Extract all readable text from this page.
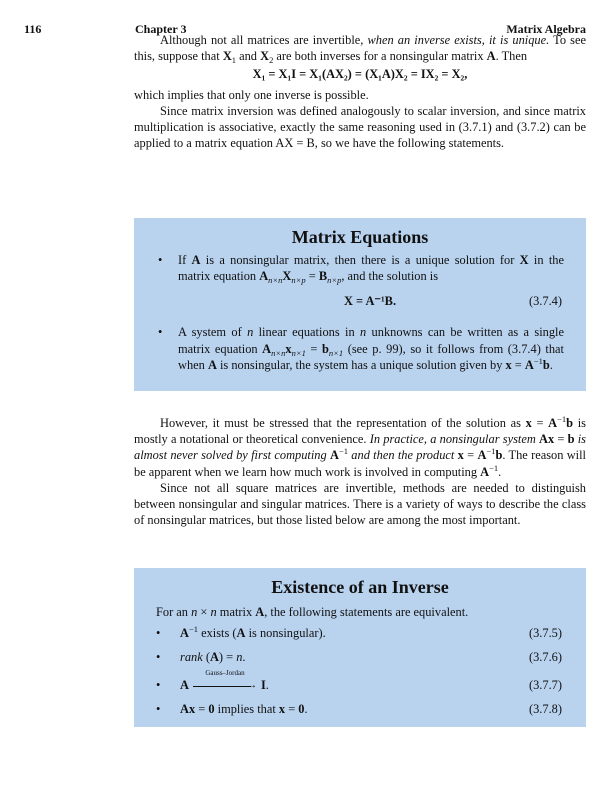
116	Chapter 3	Matrix Algebra

Although not all matrices are invertible, when an inverse exists, it is unique. To see this, suppose that $X_1$ and $X_2$ are both inverses for a nonsingular matrix A. Then

X₁ = X₁I = X₁(AX₂) = (X₁A)X₂ = IX₂ = X₂,

which implies that only one inverse is possible.

Since matrix inversion was defined analogously to scalar inversion, and since matrix multiplication is associative, exactly the same reasoning used in (3.7.1) and (3.7.2) can be applied to a matrix equation AX = B, so we have the following statements.

Matrix Equations

• If A is a nonsingular matrix, then there is a unique solution for X in the matrix equation $A_{n\times n}X_{n\times p} = B_{n\times p}$, and the solution is

X = A⁻¹B.	(3.7.4)
• A system of n linear equations in n unknowns can be written as a single matrix equation $A_{n\times n}x_{n\times 1} = b_{n\times 1}$ (see p. 99), so it follows from (3.7.4) that when A is nonsingular, the system has a unique solution given by $x = A^{-1}b$.

However, it must be stressed that the representation of the solution as $x = A^{-1}b$ is mostly a notational or theoretical convenience. In practice, a nonsingular system Ax = b is almost never solved by first computing $A^{-1}$ and then the product $x = A^{-1}b$. The reason will be apparent when we learn how much work is involved in computing $A^{-1}$.

Since not all square matrices are invertible, methods are needed to distinguish between nonsingular and singular matrices. There is a variety of ways to describe the class of nonsingular matrices, but those listed below are among the most important.

Existence of an Inverse

For an n × n matrix A, the following statements are equivalent.

• $A^{-1}$ exists (A is nonsingular).	(3.7.5)
• rank (A) = n.	(3.7.6)
• A
Gauss–Jordan
→ I.	(3.7.7)
• Ax = 0 implies that x = 0.	(3.7.8)
